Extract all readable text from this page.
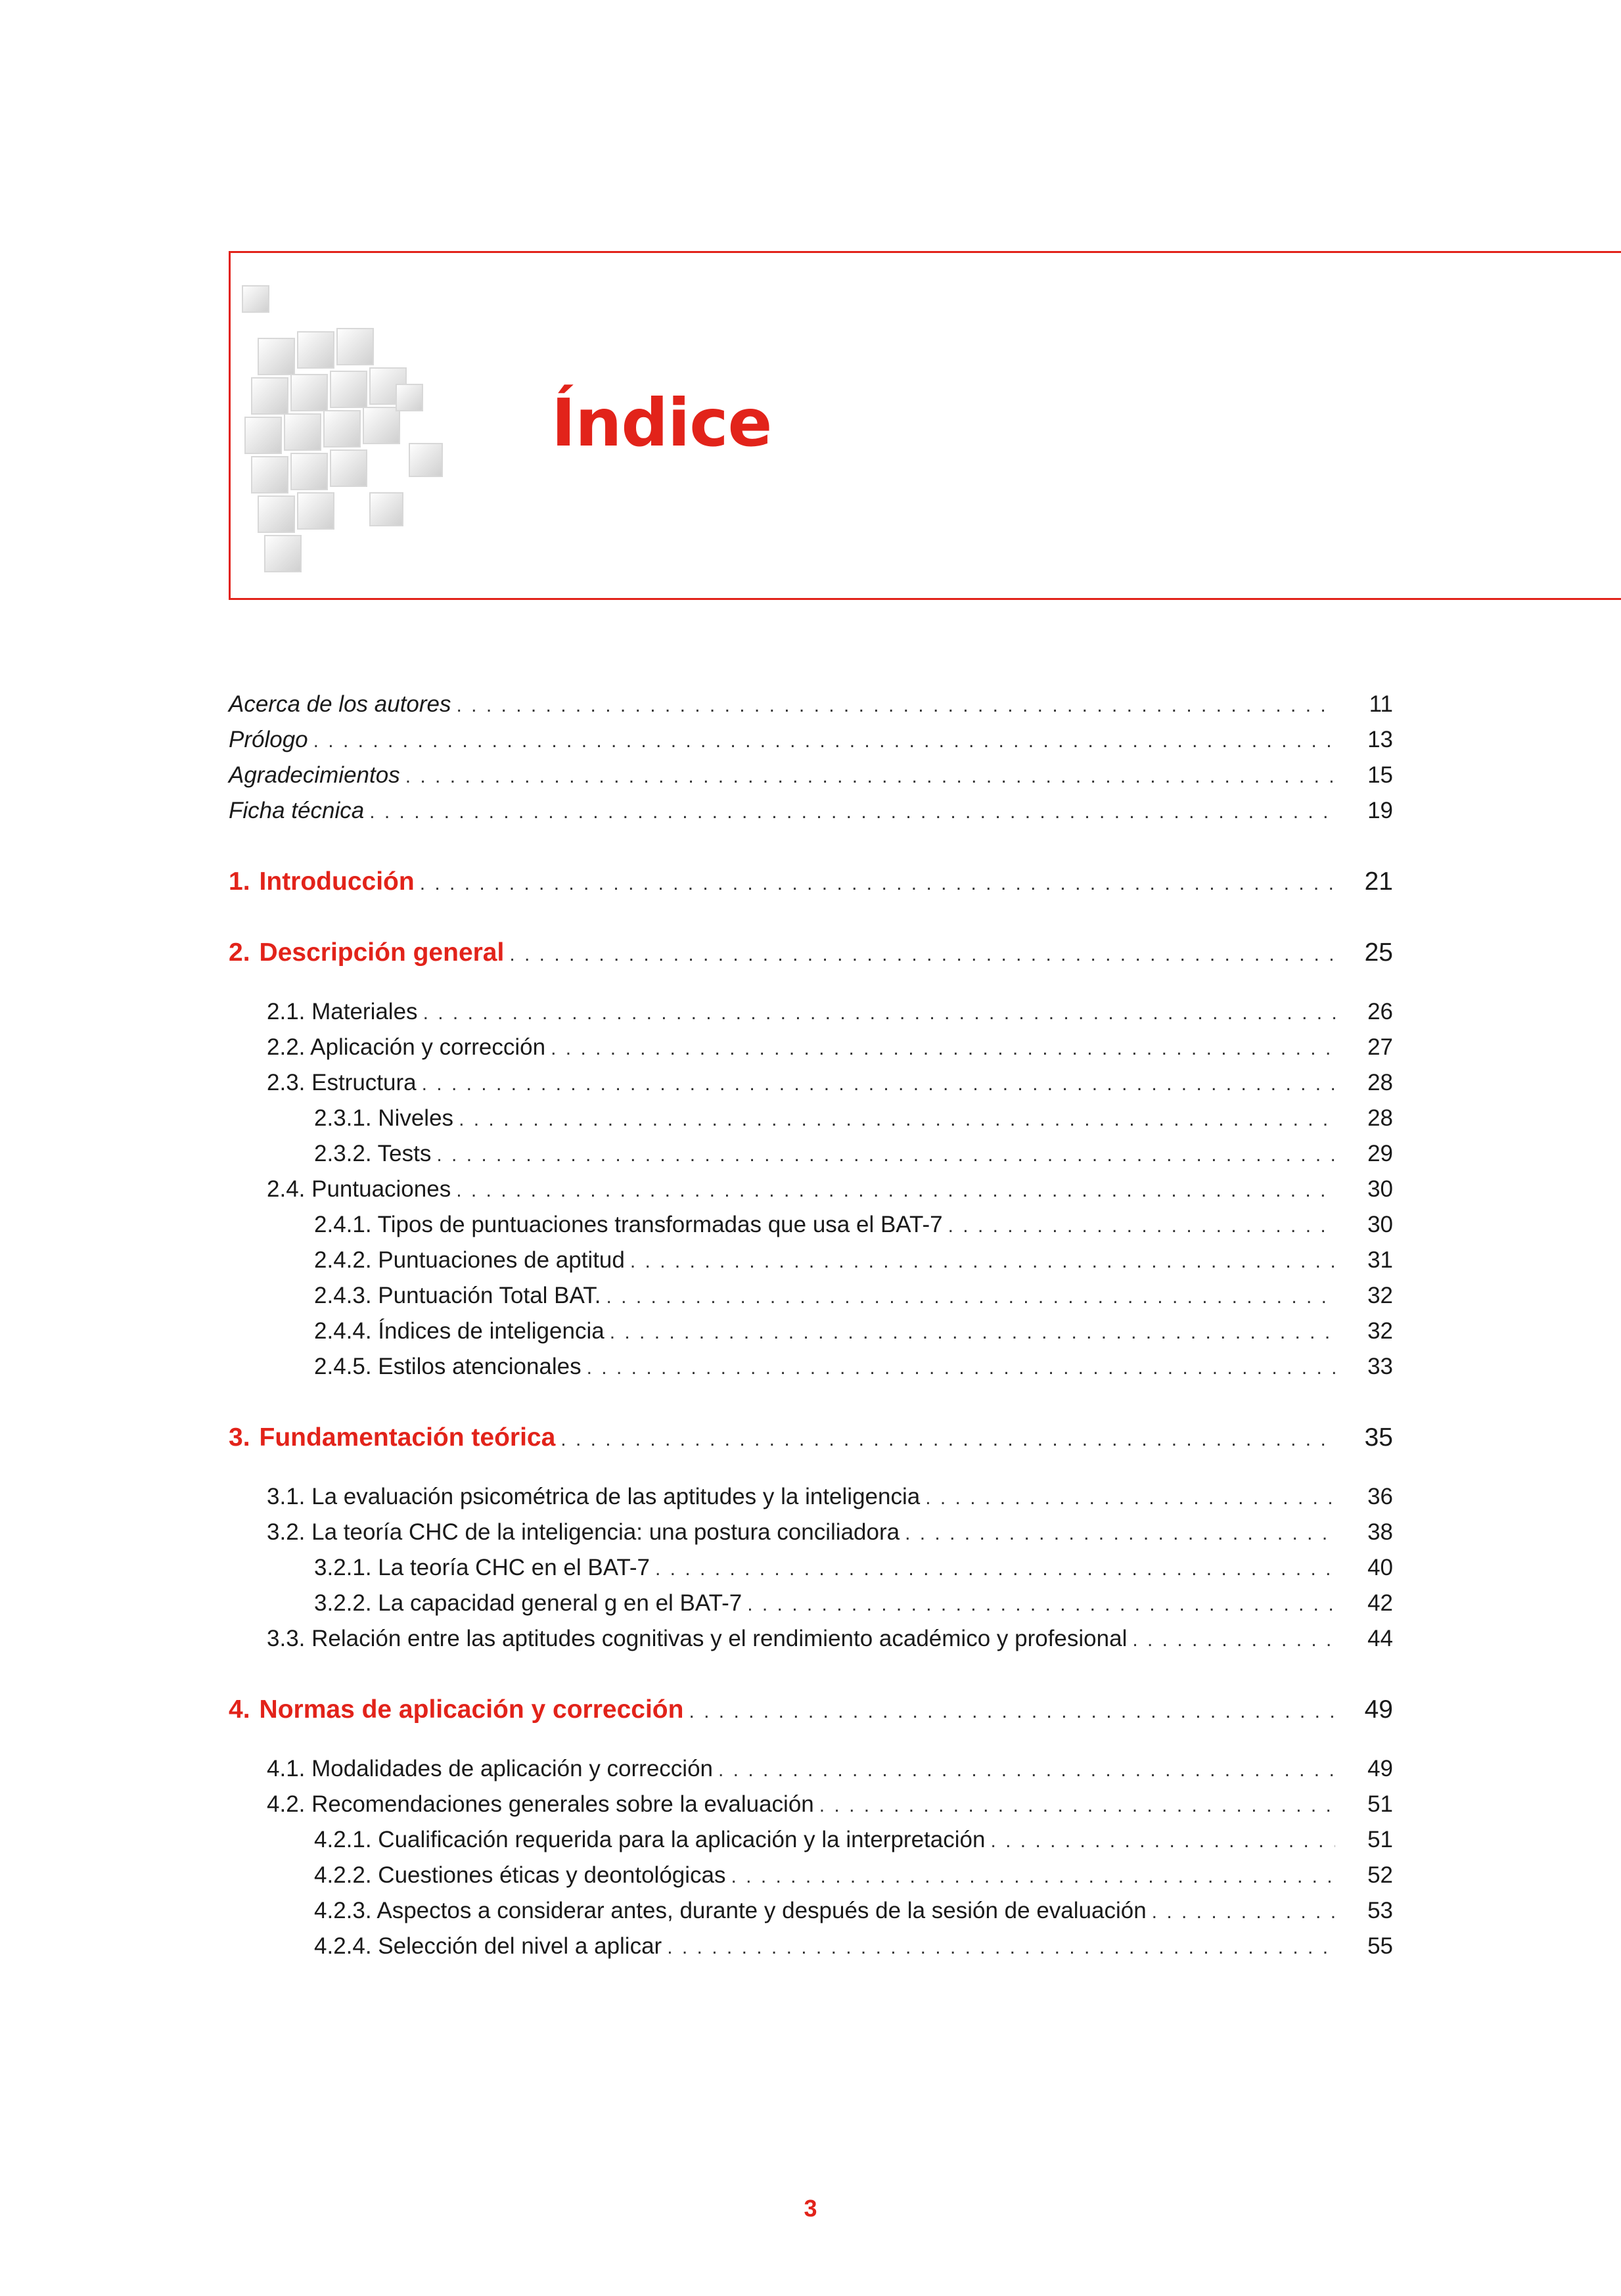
Índice
Acerca de los autores . . .	11
Prólogo . . .	13
Agradecimientos . . .	15
Ficha técnica . . .	19
1. Introducción . . .	21
2. Descripción general . . .	25
2.1. Materiales . . .	26
2.2. Aplicación y corrección . . .	27
2.3. Estructura . . .	28
2.3.1. Niveles . . .	28
2.3.2. Tests . . .	29
2.4. Puntuaciones . . .	30
2.4.1. Tipos de puntuaciones transformadas que usa el BAT-7 . . .	30
2.4.2. Puntuaciones de aptitud . . .	31
2.4.3. Puntuación Total BAT. . . .	32
2.4.4. Índices de inteligencia . . .	32
2.4.5. Estilos atencionales . . .	33
3. Fundamentación teórica . . .	35
3.1. La evaluación psicométrica de las aptitudes y la inteligencia . . .	36
3.2. La teoría CHC de la inteligencia: una postura conciliadora . . .	38
3.2.1. La teoría CHC en el BAT-7 . . .	40
3.2.2. La capacidad general g en el BAT-7 . . .	42
3.3. Relación entre las aptitudes cognitivas y el rendimiento académico y profesional . . .	44
4. Normas de aplicación y corrección . . .	49
4.1. Modalidades de aplicación y corrección . . .	49
4.2. Recomendaciones generales sobre la evaluación . . .	51
4.2.1. Cualificación requerida para la aplicación y la interpretación . . .	51
4.2.2. Cuestiones éticas y deontológicas . . .	52
4.2.3. Aspectos a considerar antes, durante y después de la sesión de evaluación . . .	53
4.2.4. Selección del nivel a aplicar . . .	55
3
